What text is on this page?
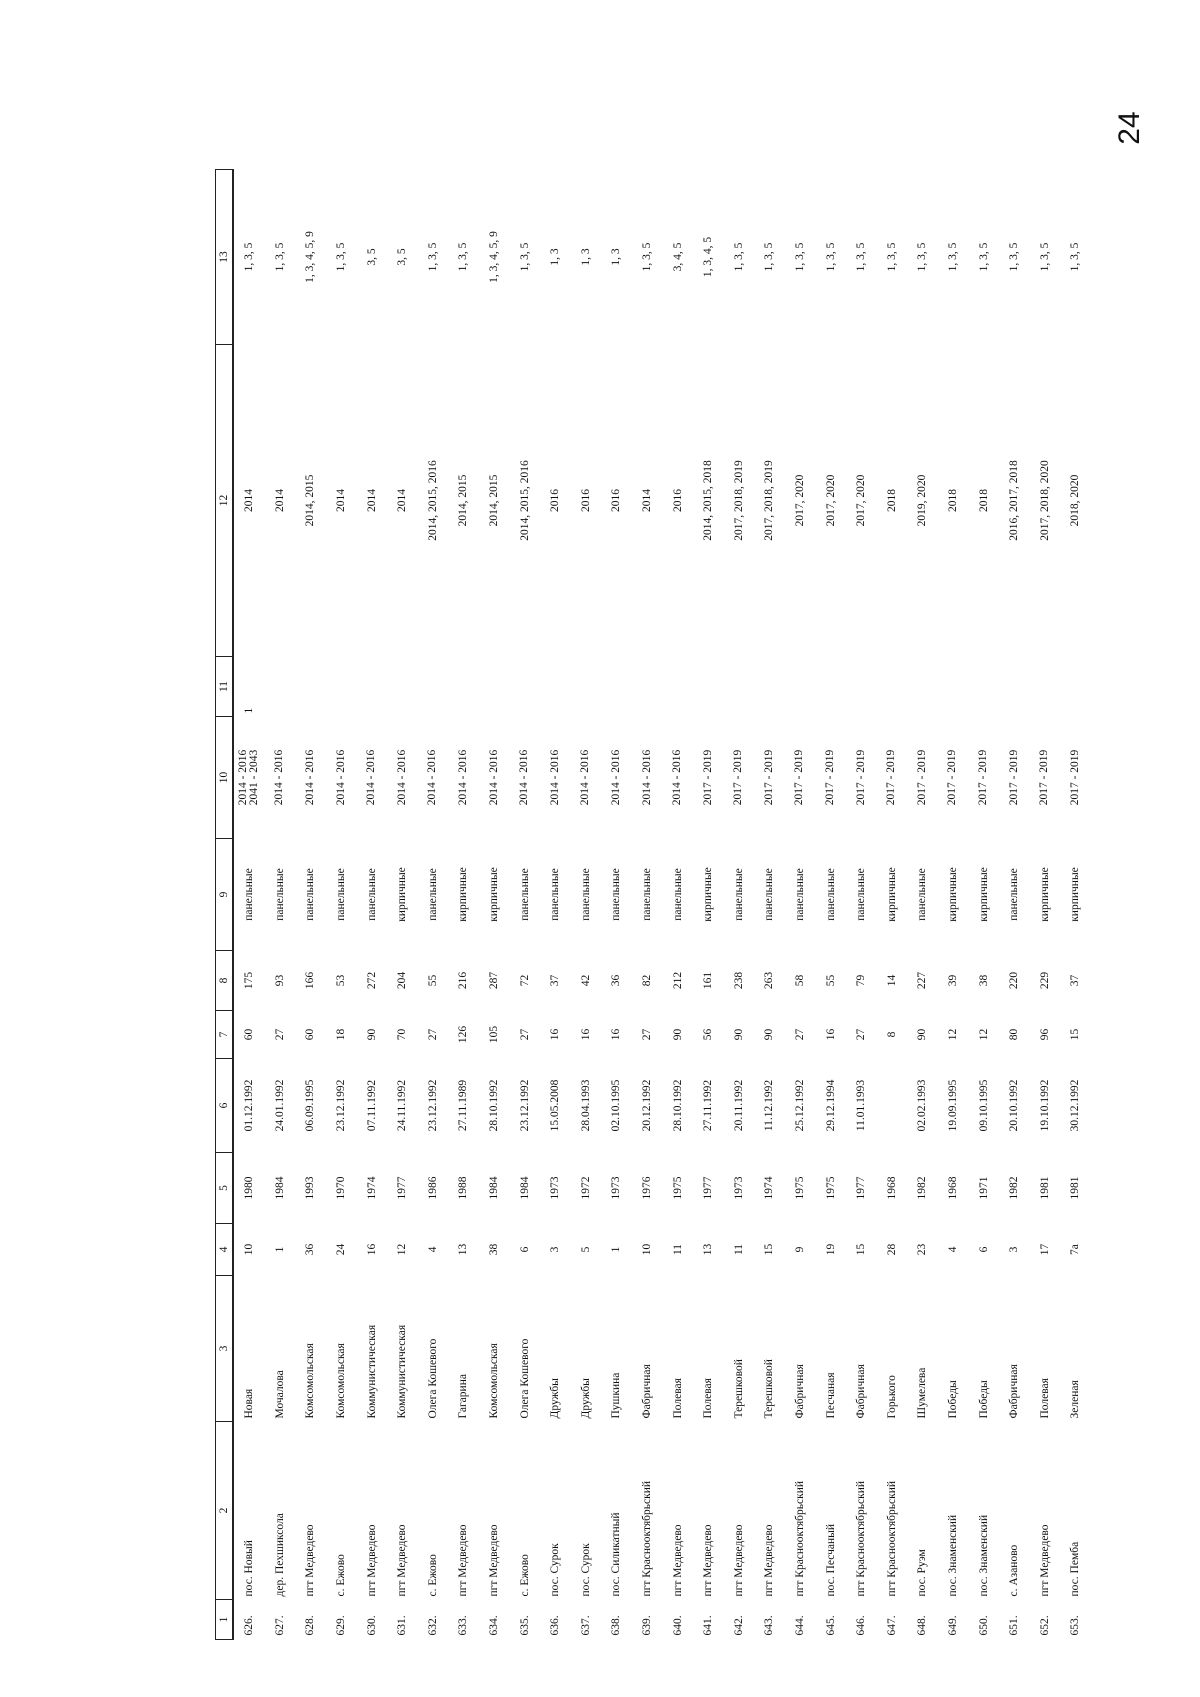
24
1	2	3	4	5	6	7	8	9	10	11	12	13
626.	пос. Новый	Новая	10	1980	01.12.1992	60	175	панельные	2014 - 2016 2041 - 2043	1	2014	1, 3, 5
627.	дер. Пехшиксола	Мочалова	1	1984	24.01.1992	27	93	панельные	2014 - 2016		2014	1, 3, 5
628.	пгт Медведево	Комсомольская	36	1993	06.09.1995	60	166	панельные	2014 - 2016		2014, 2015	1, 3, 4, 5, 9
629.	с. Ежово	Комсомольская	24	1970	23.12.1992	18	53	панельные	2014 - 2016		2014	1, 3, 5
630.	пгт Медведево	Коммунистическая	16	1974	07.11.1992	90	272	панельные	2014 - 2016		2014	3, 5
631.	пгт Медведево	Коммунистическая	12	1977	24.11.1992	70	204	кирпичные	2014 - 2016		2014	3, 5
632.	с. Ежово	Олега Кошевого	4	1986	23.12.1992	27	55	панельные	2014 - 2016		2014, 2015, 2016	1, 3, 5
633.	пгт Медведево	Гагарина	13	1988	27.11.1989	126	216	кирпичные	2014 - 2016		2014, 2015	1, 3, 5
634.	пгт Медведево	Комсомольская	38	1984	28.10.1992	105	287	кирпичные	2014 - 2016		2014, 2015	1, 3, 4, 5, 9
635.	с. Ежово	Олега Кошевого	6	1984	23.12.1992	27	72	панельные	2014 - 2016		2014, 2015, 2016	1, 3, 5
636.	пос. Сурок	Дружбы	3	1973	15.05.2008	16	37	панельные	2014 - 2016		2016	1, 3
637.	пос. Сурок	Дружбы	5	1972	28.04.1993	16	42	панельные	2014 - 2016		2016	1, 3
638.	пос. Силикатный	Пушкина	1	1973	02.10.1995	16	36	панельные	2014 - 2016		2016	1, 3
639.	пгт Краснооктябрьский	Фабричная	10	1976	20.12.1992	27	82	панельные	2014 - 2016		2014	1, 3, 5
640.	пгт Медведево	Полевая	11	1975	28.10.1992	90	212	панельные	2014 - 2016		2016	3, 4, 5
641.	пгт Медведево	Полевая	13	1977	27.11.1992	56	161	кирпичные	2017 - 2019		2014, 2015, 2018	1, 3, 4, 5
642.	пгт Медведево	Терешковой	11	1973	20.11.1992	90	238	панельные	2017 - 2019		2017, 2018, 2019	1, 3, 5
643.	пгт Медведево	Терешковой	15	1974	11.12.1992	90	263	панельные	2017 - 2019		2017, 2018, 2019	1, 3, 5
644.	пгт Краснооктябрьский	Фабричная	9	1975	25.12.1992	27	58	панельные	2017 - 2019		2017, 2020	1, 3, 5
645.	пос. Песчаный	Песчаная	19	1975	29.12.1994	16	55	панельные	2017 - 2019		2017, 2020	1, 3, 5
646.	пгт Краснооктябрьский	Фабричная	15	1977	11.01.1993	27	79	панельные	2017 - 2019		2017, 2020	1, 3, 5
647.	пгт Краснооктябрьский	Горького	28	1968		8	14	кирпичные	2017 - 2019		2018	1, 3, 5
648.	пос. Руэм	Шумелева	23	1982	02.02.1993	90	227	панельные	2017 - 2019		2019, 2020	1, 3, 5
649.	пос. Знаменский	Победы	4	1968	19.09.1995	12	39	кирпичные	2017 - 2019		2018	1, 3, 5
650.	пос. Знаменский	Победы	6	1971	09.10.1995	12	38	кирпичные	2017 - 2019		2018	1, 3, 5
651.	с. Азаново	Фабричная	3	1982	20.10.1992	80	220	панельные	2017 - 2019		2016, 2017, 2018	1, 3, 5
652.	пгт Медведево	Полевая	17	1981	19.10.1992	96	229	кирпичные	2017 - 2019		2017, 2018, 2020	1, 3, 5
653.	пос. Пемба	Зеленая	7а	1981	30.12.1992	15	37	кирпичные	2017 - 2019		2018, 2020	1, 3, 5
